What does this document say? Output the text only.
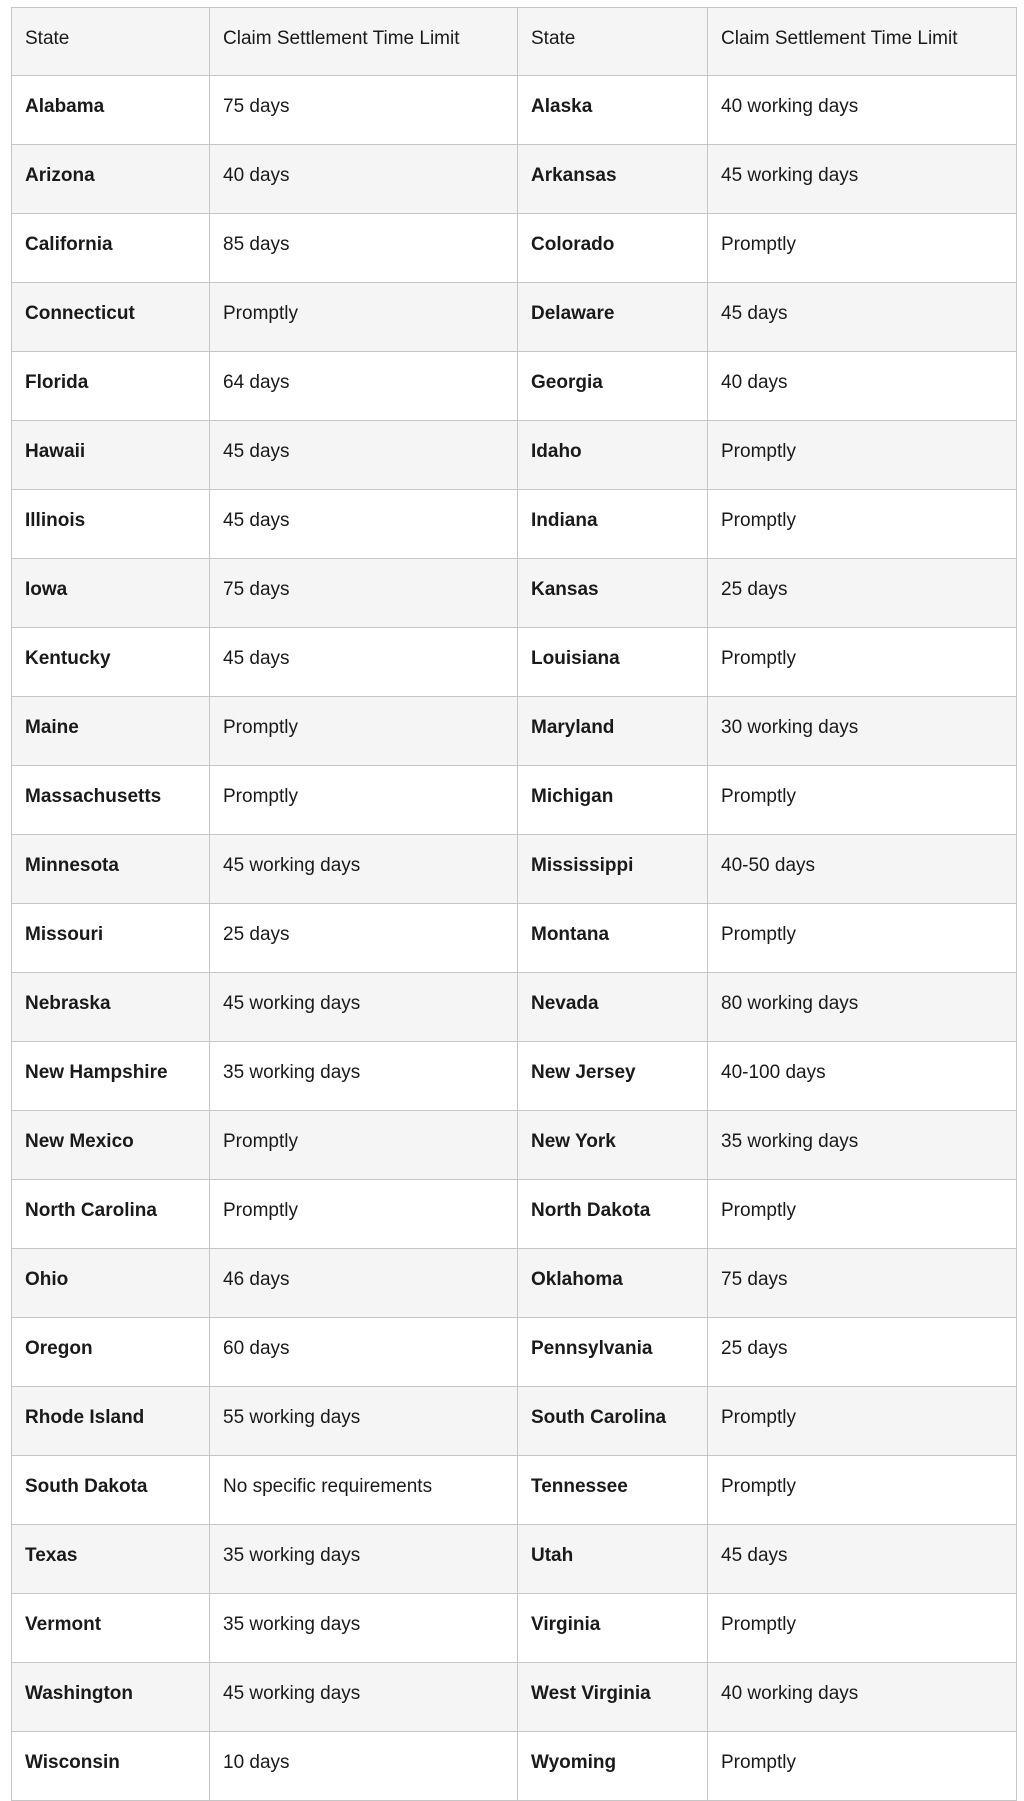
State	Claim Settlement Time Limit	State	Claim Settlement Time Limit
Alabama	75 days	Alaska	40 working days
Arizona	40 days	Arkansas	45 working days
California	85 days	Colorado	Promptly
Connecticut	Promptly	Delaware	45 days
Florida	64 days	Georgia	40 days
Hawaii	45 days	Idaho	Promptly
Illinois	45 days	Indiana	Promptly
Iowa	75 days	Kansas	25 days
Kentucky	45 days	Louisiana	Promptly
Maine	Promptly	Maryland	30 working days
Massachusetts	Promptly	Michigan	Promptly
Minnesota	45 working days	Mississippi	40-50 days
Missouri	25 days	Montana	Promptly
Nebraska	45 working days	Nevada	80 working days
New Hampshire	35 working days	New Jersey	40-100 days
New Mexico	Promptly	New York	35 working days
North Carolina	Promptly	North Dakota	Promptly
Ohio	46 days	Oklahoma	75 days
Oregon	60 days	Pennsylvania	25 days
Rhode Island	55 working days	South Carolina	Promptly
South Dakota	No specific requirements	Tennessee	Promptly
Texas	35 working days	Utah	45 days
Vermont	35 working days	Virginia	Promptly
Washington	45 working days	West Virginia	40 working days
Wisconsin	10 days	Wyoming	Promptly
